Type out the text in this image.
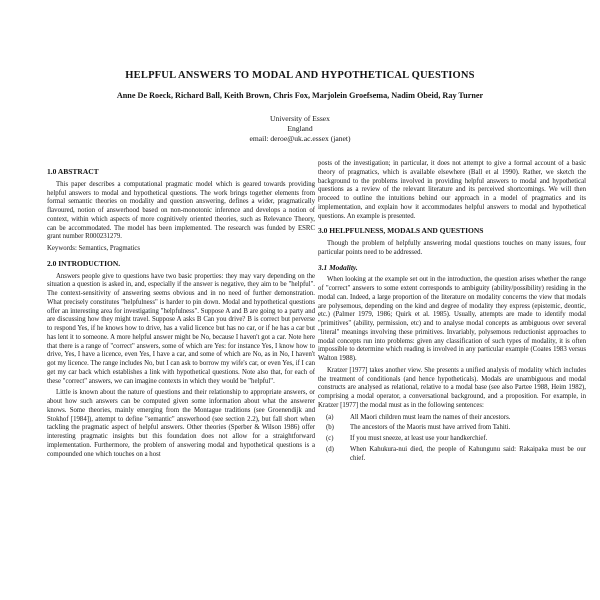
HELPFUL ANSWERS TO MODAL AND HYPOTHETICAL QUESTIONS
Anne De Roeck, Richard Ball, Keith Brown, Chris Fox, Marjolein Groefsema, Nadim Obeid, Ray Turner
University of Essex
England
email: deroe@uk.ac.essex (janet)
1.0 ABSTRACT

This paper describes a computational pragmatic model which is geared towards providing helpful answers to modal and hypothetical questions. The work brings together elements from formal semantic theories on modality and question answering, defines a wider, pragmatically flavoured, notion of answerhood based on non-monotonic inference and develops a notion of context, within which aspects of more cognitively oriented theories, such as Relevance Theory, can be accommodated. The model has been implemented. The research was funded by ESRC grant number R000231279.

Keywords: Semantics, Pragmatics

2.0 INTRODUCTION.

Answers people give to questions have two basic properties: they may vary depending on the situation a question is asked in, and, especially if the answer is negative, they aim to be "helpful". The context-sensitivity of answering seems obvious and in no need of further demonstration. What precisely constitutes "helpfulness" is harder to pin down. Modal and hypothetical questions offer an interesting area for investigating "helpfulness". Suppose A and B are going to a party and are discussing how they might travel. Suppose A asks B Can you drive? B is correct but perverse to respond Yes, if he knows how to drive, has a valid licence but has no car, or if he has a car but has lent it to someone. A more helpful answer might be No, because I haven't got a car. Note here that there is a range of "correct" answers, some of which are Yes: for instance Yes, I know how to drive, Yes, I have a licence, even Yes, I have a car, and some of which are No, as in No, I haven't got my licence. The range includes No, but I can ask to borrow my wife's car, or even Yes, if I can get my car back which establishes a link with hypothetical questions. Note also that, for each of these "correct" answers, we can imagine contexts in which they would be "helpful".

Little is known about the nature of questions and their relationship to appropriate answers, or about how such answers can be computed given some information about what the answerer knows. Some theories, mainly emerging from the Montague traditions (see Groenendijk and Stokhof [1984]), attempt to define "semantic" answerhood (see section 2.2), but fall short when tackling the pragmatic aspect of helpful answers. Other theories (Sperber & Wilson 1986) offer interesting pragmatic insights but this foundation does not allow for a straightforward implementation. Furthermore, the problem of answering modal and hypothetical questions is a compounded one which touches on a host

posts of the investigation; in particular, it does not attempt to give a formal account of a basic theory of pragmatics, which is available elsewhere (Ball et al 1990). Rather, we sketch the background to the problems involved in providing helpful answers to modal and hypothetical questions as a review of the relevant literature and its perceived shortcomings. We will then proceed to outline the intuitions behind our approach in a model of pragmatics and its implementation, and explain how it accommodates helpful answers to modal and hypothetical questions. An example is presented.

3.0 HELPFULNESS, MODALS AND QUESTIONS

Though the problem of helpfully answering modal questions touches on many issues, four particular points need to be addressed.

3.1 Modality.

When looking at the example set out in the introduction, the question arises whether the range of "correct" answers to some extent corresponds to ambiguity (ability/possibility) residing in the modal can. Indeed, a large proportion of the literature on modality concerns the view that modals are polysemous, depending on the kind and degree of modality they express (epistemic, deontic, etc.) (Palmer 1979, 1986; Quirk et al. 1985). Usually, attempts are made to identify modal "primitives" (ability, permission, etc) and to analyse modal concepts as ambiguous over several "literal" meanings involving these primitives. Invariably, polysemous reductionist approaches to modal concepts run into problems: given any classification of such types of modality, it is often impossible to determine which reading is involved in any particular example (Coates 1983 versus Walton 1988).

Kratzer [1977] takes another view. She presents a unified analysis of modality which includes the treatment of conditionals (and hence hypotheticals). Modals are unambiguous and modal constructs are analysed as relational, relative to a modal base (see also Partee 1988, Heim 1982), comprising a modal operator, a conversational background, and a proposition. For example, in Kratzer [1977] the modal must as in the following sentences:

(a)	All Maori children must learn the names of their ancestors.
(b)	The ancestors of the Maoris must have arrived from Tahiti.
(c)	If you must sneeze, at least use your handkerchief.
(d)	When Kahukura-nui died, the people of Kahungunu said: Rakaipaka must be our chief.
